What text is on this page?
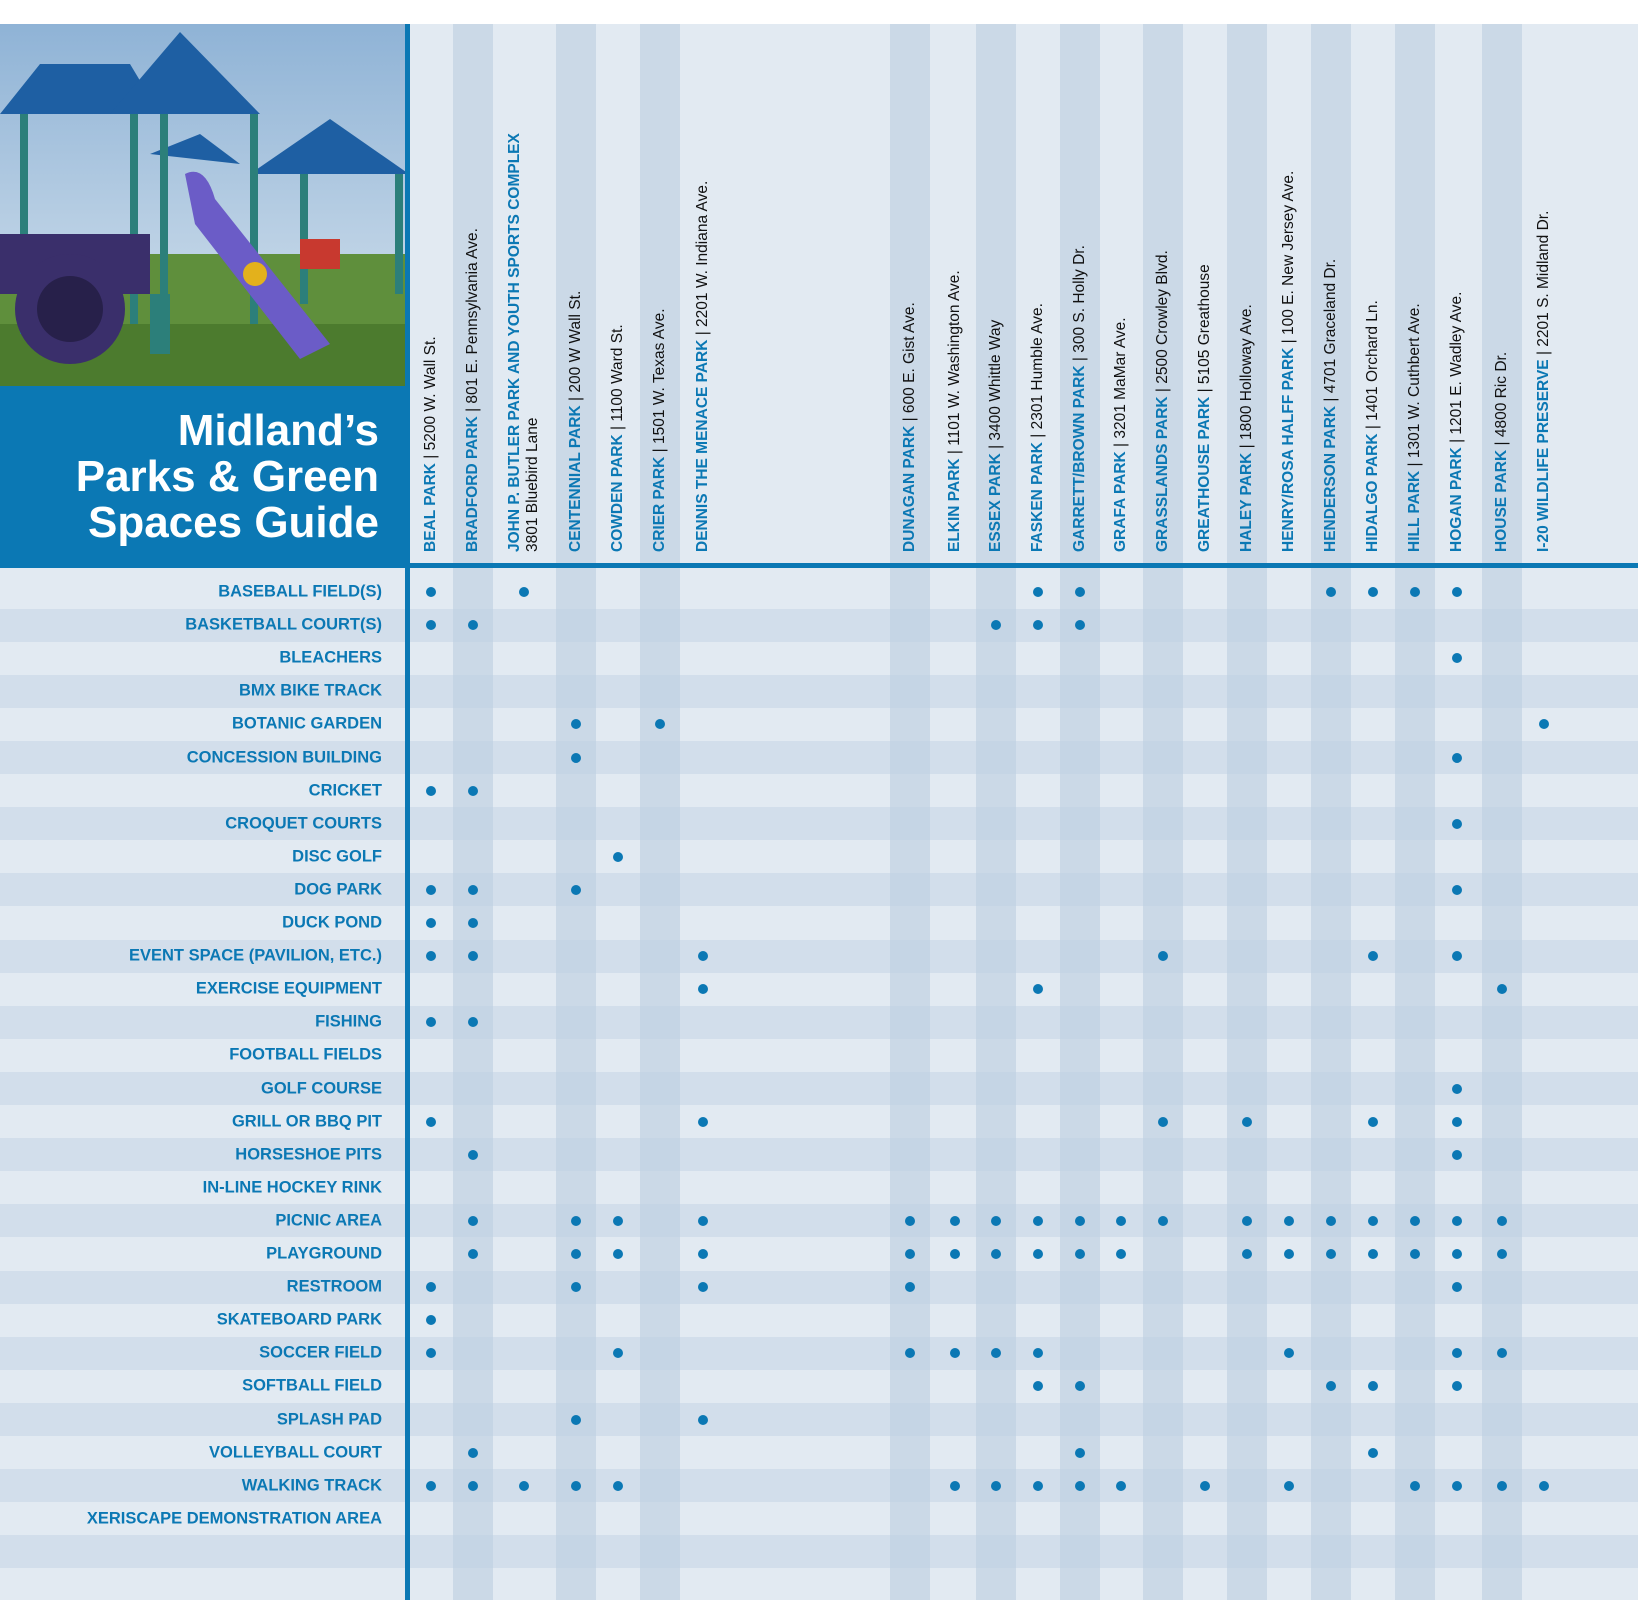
Midland’s
Parks & Green
Spaces Guide	BEAL PARK | 5200 W. Wall St.
BRADFORD PARK | 801 E. Pennsylvania Ave. JOHN P. BUTLER PARK AND YOUTH SPORTS COMPLEX 3801 Bluebird Lane CENTENNIAL PARK | 200 W Wall St.
COWDEN PARK | 1100 Ward St.
CRIER PARK | 1501 W. Texas Ave. DENNIS THE MENACE PARK | 2201 W. Indiana Ave.
DUNAGAN PARK | 600 E. Gist Ave.
ELKIN PARK | 1101 W. Washington Ave.
ESSEX PARK | 3400 Whittle Way
FASKEN PARK | 2301 Humble Ave. GARRETT/BROWN PARK | 300 S. Holly Dr.
GRAFA PARK | 3201 MaMar Ave.
GRASSLANDS PARK | 2500 Crowley Blvd.
GREATHOUSE PARK | 5105 Greathouse
HALEY PARK | 1800 Holloway Ave. HENRY/ROSA HALFF PARK | 100 E. New Jersey Ave.
HENDERSON PARK | 4701 Graceland Dr.
HIDALGO PARK | 1401 Orchard Ln.
HILL PARK | 1301 W. Cuthbert Ave.
HOGAN PARK | 1201 E. Wadley Ave.
HOUSE PARK | 4800 Ric Dr. I-20 WILDLIFE PRESERVE | 2201 S. Midland Dr.
BASEBALL FIELD(S)
BASKETBALL COURT(S)
BLEACHERS
BMX BIKE TRACK
BOTANIC GARDEN
CONCESSION BUILDING
CRICKET
CROQUET COURTS
DISC GOLF
DOG PARK
DUCK POND
EVENT SPACE (PAVILION, ETC.)
EXERCISE EQUIPMENT
FISHING
FOOTBALL FIELDS
GOLF COURSE
GRILL OR BBQ PIT
HORSESHOE PITS
IN-LINE HOCKEY RINK
PICNIC AREA
PLAYGROUND
RESTROOM
SKATEBOARD PARK
SOCCER FIELD
SOFTBALL FIELD
SPLASH PAD
VOLLEYBALL COURT
WALKING TRACK
XERISCAPE DEMONSTRATION AREA
